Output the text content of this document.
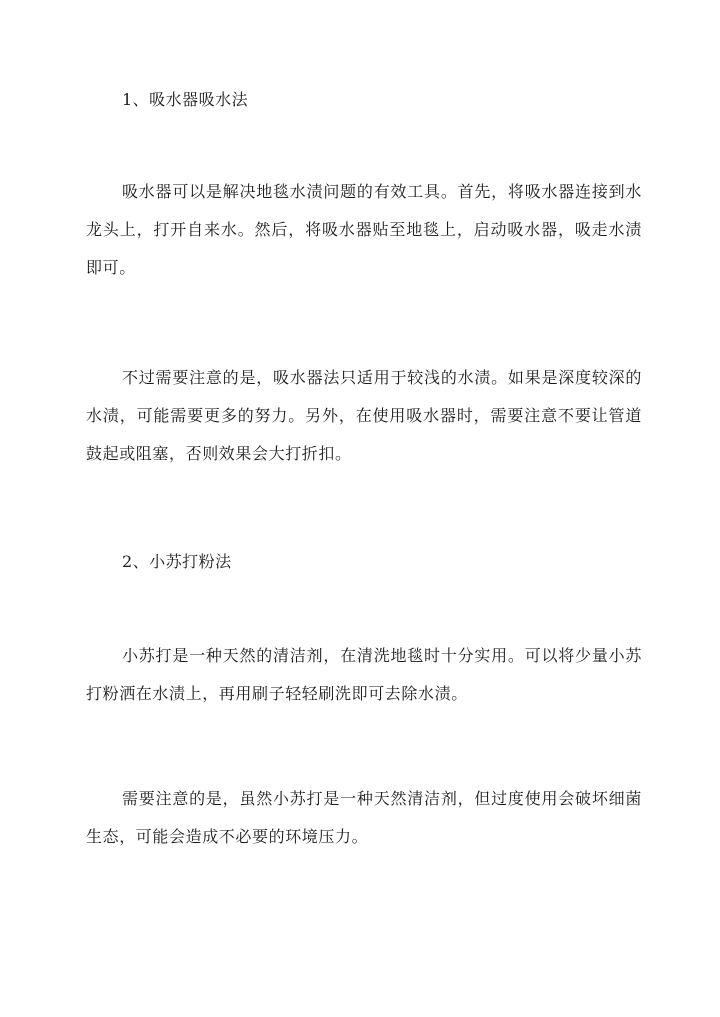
1、吸水器吸水法
吸水器可以是解决地毯水渍问题的有效工具。首先，将吸水器连接到水龙头上，打开自来水。然后，将吸水器贴至地毯上，启动吸水器，吸走水渍即可。
不过需要注意的是，吸水器法只适用于较浅的水渍。如果是深度较深的水渍，可能需要更多的努力。另外，在使用吸水器时，需要注意不要让管道鼓起或阻塞，否则效果会大打折扣。
2、小苏打粉法
小苏打是一种天然的清洁剂，在清洗地毯时十分实用。可以将少量小苏打粉洒在水渍上，再用刷子轻轻刷洗即可去除水渍。
需要注意的是，虽然小苏打是一种天然清洁剂，但过度使用会破坏细菌生态，可能会造成不必要的环境压力。
